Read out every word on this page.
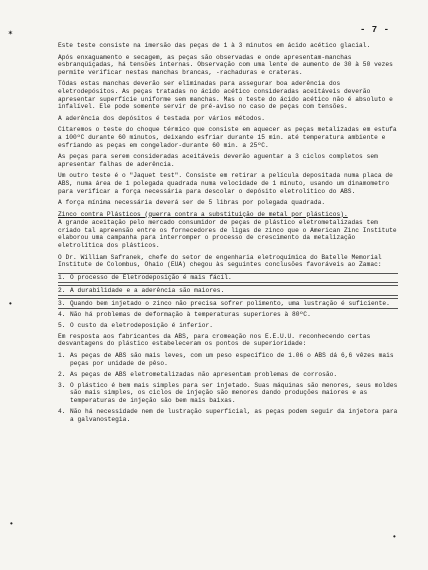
- 7 -
✶
•
•
•

Este teste consiste na imersão das peças de 1 à 3 minutos em ácido acético glacial.

Após enxaguamento e secagem, as peças são observadas e onde apresentam-manchas esbranquiçadas, há tensões internas. Observação com uma lente de aumento de 30 à 50 vezes permite verificar nestas manchas brancas, -rachaduras e crateras.

Tôdas estas manchas deverão ser eliminadas para assegurar boa aderência dos eletrodepósitos. As peças tratadas no ácido acético consideradas aceitáveis deverão apresentar superfície uniforme sem manchas. Mas o teste do ácido acético não é absoluto e infalível. Ele pode somente servir de pré-aviso no caso de peças com tensões.

A aderência dos depósitos é testada por vários métodos.

Citaremos o teste do choque térmico que consiste em aquecer as peças metalizadas em estufa a 100ºC durante 60 minutos, deixando esfriar durante 15 min. até temperatura ambiente e esfriando as peças em congelador-durante 60 min. a 25ºC.

As peças para serem consideradas aceitáveis deverão aguentar a 3 ciclos completos sem apresentar falhas de aderência.

Um outro teste é o "Jaquet test". Consiste em retirar a película depositada numa placa de ABS, numa área de 1 polegada quadrada numa velocidade de 1 minuto, usando um dinamometro para verificar a força necessária para descolar o depósito eletrolítico do ABS.

A força mínima necessária deverá ser de 5 libras por polegada quadrada.

Zinco contra Plásticos (guerra contra a substituição de metal por plásticos).

A grande aceitação pelo mercado consumidor de peças de plástico eletrometalizadas tem criado tal apreensão entre os fornecedores de ligas de zinco que o American Zinc Institute elaborou uma campanha para interromper o processo de crescimento da metalização eletrolítica dos plásticos.

O Dr. William Safranek, chefe do setor de engenharia eletroquímica do Batelle Memorial Institute de Colombus, Ohaio (EUA) chegou às seguintes conclusões favoráveis ao Zamac:

1. O processo de Eletrodeposição é mais fácil.
2. A durabilidade e a aderência são maiores.
3. Quando bem injetado o zinco não precisa sofrer polimento, uma lustração é suficiente.
4. Não há problemas de deformação à temperaturas superiores à 80ºC.
5. O custo da eletrodeposição é inferior.

Em resposta aos fabricantes da ABS, para cromeação nos E.E.U.U. reconhecendo certas desvantagens do plástico estabeleceram os pontos de superioridade:

1. As peças de ABS são mais leves, com um peso específico de 1.06 o ABS dá 6,6 vêzes mais peças por unidade de pêso.
2. As peças de ABS eletrometalizadas não apresentam problemas de corrosão.
3. O plástico é bem mais simples para ser injetado. Suas máquinas são menores, seus moldes são mais simples, os ciclos de injeção são menores dando produções maiores e as temperaturas de injeção são bem mais baixas.
4. Não há necessidade nem de lustração superficial, as peças podem seguir da injetora para a galvanostegia.
